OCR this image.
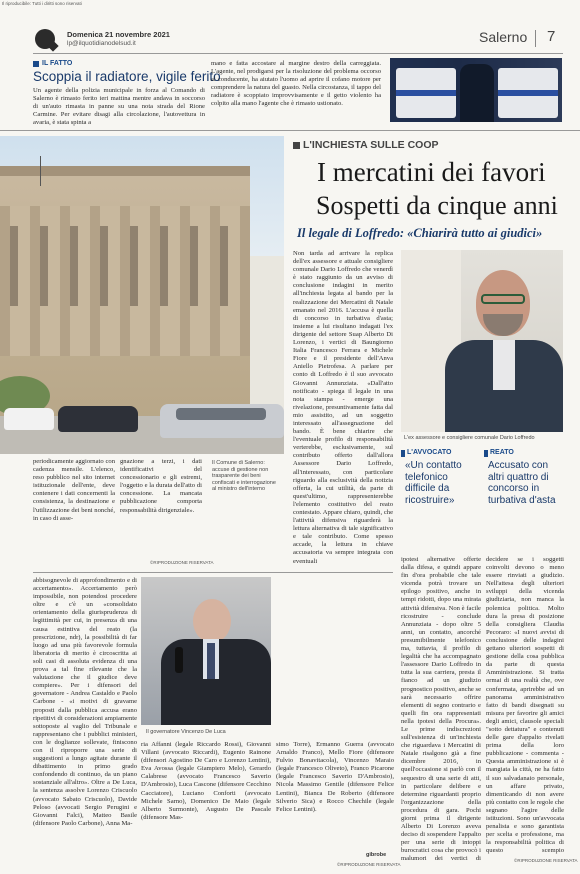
Il riproducibile: Tutti i diritti sono riservati
Domenica 21 novembre 2021
lp@ilquotidianodelsud.it	Salerno 7
IL FATTO
Scoppia il radiatore, vigile ferito
Un agente della polizia municipale in forza al Comando di Salerno è rimasto ferito ieri mattina mentre andava in soccorso di un'auto rimasta in panne su una nota strada del Rione Carmine. Per evitare disagi alla circolazione, l'autovettura in avaria, è stata spinta a
mano e fatta accostare al margine destro della carreggiata. L'agente, nel prodigarsi per la risoluzione del problema occorso al conducente, ha aiutato l'uomo ad aprire il cofano motore per comprendere la natura del guasto. Nella circostanza, il tappo del radiatore è scoppiato improvvisamente e il getto violento ha colpito alla mano l'agente che è rimasto ustionato.
L'INCHIESTA SULLE COOP
I mercatini dei favori
Sospetti da cinque anni
Il legale di Loffredo: «Chiarirà tutto ai giudici»
Non tarda ad arrivare la replica dell'ex assessore e attuale consigliere comunale Dario Loffredo che venerdì è stato raggiunto da un avviso di conclusione indagini in merito all'inchiesta legata al bando per la realizzazione dei Mercatini di Natale emanato nel 2016. L'accusa è quella di concorso in turbativa d'asta; insieme a lui risultano indagati l'ex dirigente del settore Suap Alberto Di Lorenzo, i vertici di Baungiorno Italia Francesco Ferrara e Michele Fiore e il presidente dell'Anva Aniello Pietrofesa. A parlare per conto di Loffredo è il suo avvocato Giovanni Annunziata. «Dall'atto notificato - spiega il legale in una nota stampa - emerge una rivelazione, presuntivamente fatta dal mio assistito, ad un soggetto interessato all'assegnazione del bando. È bene chiarire che l'eventuale profilo di responsabilità verterebbe, esclusivamente, sul contributo offerto dall'allora Assessore Dario Loffredo, all'interessato, con particolare riguardo alla esclusività della notizia offerta, la cui utilità, da parte di quest'ultimo, rappresenterebbe l'elemento costitutivo del reato contestato. Appare chiaro, quindi, che l'attività difensiva riguarderà la lettura alternativa di tale significativo e tale contributo. Come spesso accade, la lettura in chiave accusatoria va sempre integrata con eventuali
L'ex assessore e consigliere comunale Dario Loffredo
L'AVVOCATO
«Un contatto telefonico difficile da ricostruire»
REATO
Accusato con altri quattro di concorso in turbativa d'asta
ipotesi alternative offerte dalla difesa, e quindi appare fin d'ora probabile che tale vicenda potrà trovare un epilogo positivo, anche in tempi ridotti, dopo una mirata attività difensiva. Non è facile ricostruire - conclude Annunziata - dopo oltre 5 anni, un contatto, ancorché presumibilmente telefonico ma, tuttavia, il profilo di legalità che ha accompagnato l'assessore Dario Loffredo in tutta la sua carriera, presta il fianco ad un giudizio prognostico positivo, anche se sarà necessario offrire elementi di segno contrario e quelli fin ora rappresentati nella ipotesi della Procura». Le prime indiscrezioni sull'esistenza di un'inchiesta che riguardava i Mercatini di Natale risalgono già a fine dicembre 2016, in quell'occasione si parlò con il sequestro di una serie di atti, in particolare delibere e determine riguardanti proprio l'organizzazione della procedura di gara. Pochi giorni prima il dirigente Alberto Di Lorenzo aveva deciso di sospendere l'appalto per una serie di intoppi burocratici cosa che provocò i malumori dei vertici di
decidere se i soggetti coinvolti devono o meno essere rinviati a giudizio. Nell'attesa degli ulteriori sviluppi della vicenda giudiziaria, non manca la polemica politica. Molto dura la presa di posizione della consigliera Claudia Pecoraro: «I nuovi avvisi di conclusione delle indagini gettano ulteriori sospetti di gestione della cosa pubblica da parte di questa Amministrazione. Si tratta ormai di una realtà che, ove confermata, aprirebbe ad un panorama amministrativo fatto di bandi disegnati su misura per favorire gli amici degli amici, clausole speciali "sotto dettatura" e contenuti delle gare d'appalto rivelati prima della loro pubblicazione - commenta - Questa amministrazione si è mangiata la città, ne ha fatto il suo salvadanaio personale, un affare privato, dimenticando di non avere più contatto con le regole che segnano l'agire delle istituzioni. Sono un'avvocata penalista e sono garantista per scelta e professione, ma la responsabilità politica di questo scempio
©RIPRODUZIONE RISERVATA
periodicamente aggiornato con cadenza mensile. L'elenco, reso pubblico nel sito internet istituzionale dell'ente, deve contenere i dati concernenti la consistenza, la destinazione e l'utilizzazione dei beni nonché, in caso di asse-
gnazione a terzi, i dati identificativi del concessionario e gli estremi, l'oggetto e la durata dell'atto di concessione. La mancata pubblicazione comporta responsabilità dirigenziale».
©RIPRODUZIONE RISERVATA
Il Comune di Salerno: accuse di gestione non trasparente dei beni confiscati e interrogazione al ministro dell'interno
Il governatore Vincenzo De Luca
abbisognevole di approfondimento e di accertamento». Accertamento però impossibile, non potendosi procedere oltre e c'è un «consolidato orientamento della giurisprudenza di legittimità per cui, in presenza di una causa estintiva del reato (la prescrizione, ndr), la possibilità di far luogo ad una più favorevole formula liberatoria di merito è circoscritta ai soli casi di assoluta evidenza di una prova a tal fine rilevante che la valutazione che il giudice deve compiere». Per i difensori del governatore - Andrea Castaldo e Paolo Carbone - «i motivi di gravame proposti dalla pubblica accusa erano ripetitivi di considerazioni ampiamente sottoposte al vaglio del Tribunale e rappresentano che i pubblici ministeri, con le doglianze sollevate, finiscono con il riproporre una serie di suggestioni a lungo agitate durante il dibattimento in primo grado confondendo di continuo, da un piano sostanziale all'altro». Oltre a De Luca, la sentenza assolve Lorenzo Criscuolo (avvocato Sabato Criscuolo), Davide Peloso (avvocati Sergio Perugini e Giovanni Falci), Matteo Basile (difensore Paolo Carbone), Anna Ma-
ria Affanni (legale Riccardo Rossi), Giovanni Villani (avvocato Riccardi), Eugenio Rainone (difensori Agostino De Caro e Lorenzo Lentini), Eva Avossa (legale Giampiero Melo), Gerardo Calabrese (avvocato Francesco Saverio D'Ambrosio), Luca Cascone (difensore Cecchino Cacciatore), Luciano Conforti (avvocato Michele Sarno), Domenico De Maio (legale Alberto Surmonte), Augusto De Pascale (difensore Mas-
simo Torre), Ermanno Guerra (avvocato Arnaldo Franco), Mello Fiore (difensore Fulvio Bonavitacola), Vincenzo Maraio (legale Francesco Oliveto), Franco Picarone (legale Francesco Saverio D'Ambrosio), Nicola Massimo Gentile (difensore Felice Lentini), Bianca De Roberto (difensore Silverio Sica) e Rocco Chechile (legale Felice Lentini).
gibrobe
©RIPRODUZIONE RISERVATA
